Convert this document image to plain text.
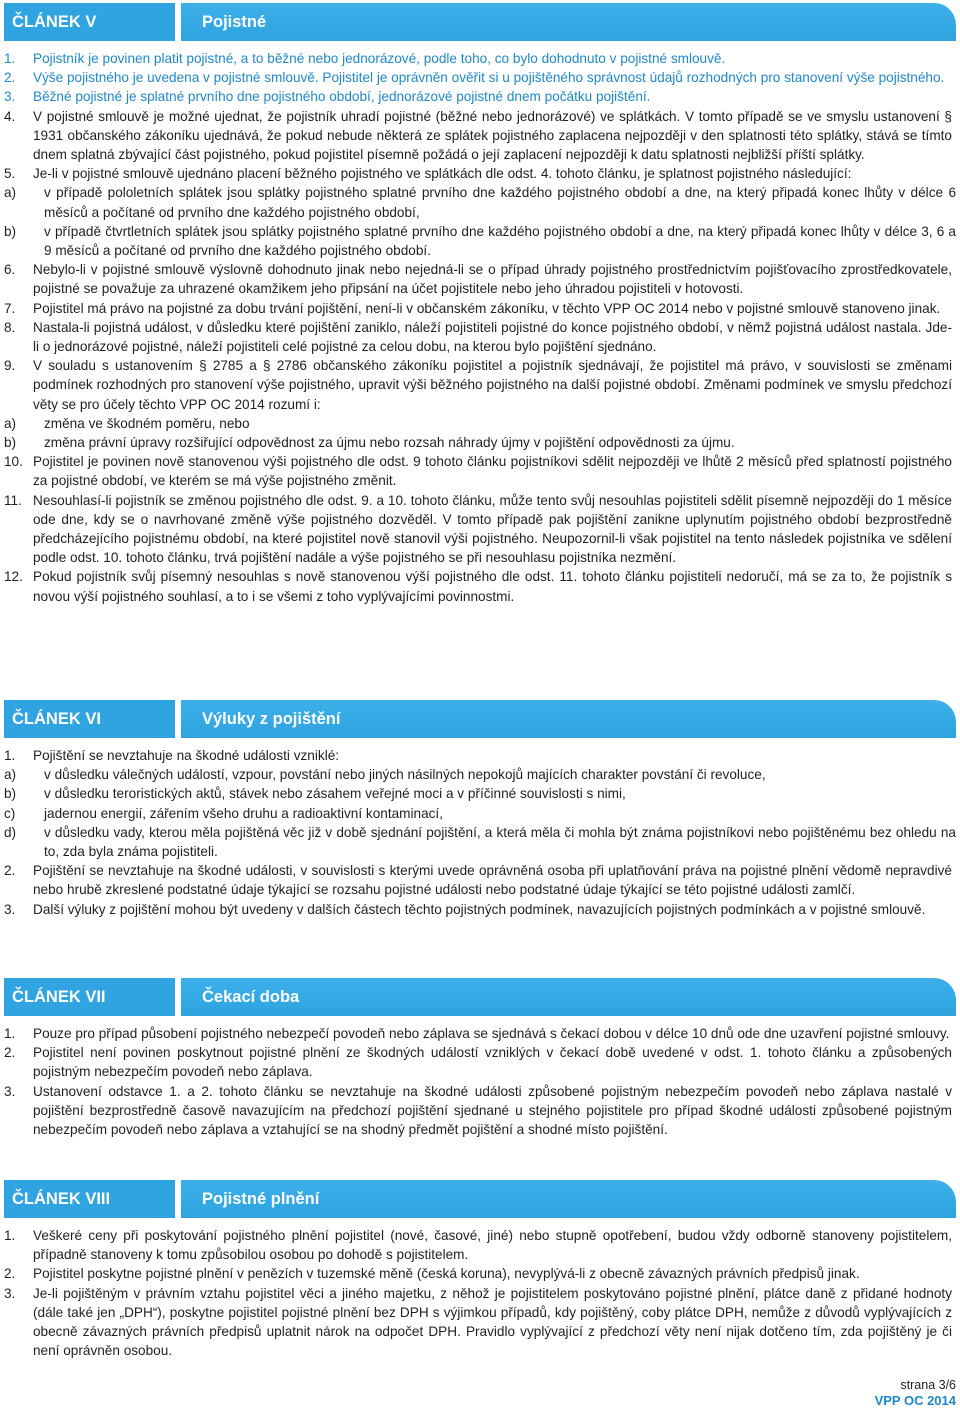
ČLÁNEK V	Pojistné
1.	Pojistník je povinen platit pojistné, a to běžné nebo jednorázové, podle toho, co bylo dohodnuto v pojistné smlouvě.
2.	Výše pojistného je uvedena v pojistné smlouvě. Pojistitel je oprávněn ověřit si u pojištěného správnost údajů rozhodných pro stanovení výše pojistného.
3.	Běžné pojistné je splatné prvního dne pojistného období, jednorázové pojistné dnem počátku pojištění.
4.	V pojistné smlouvě je možné ujednat, že pojistník uhradí pojistné (běžné nebo jednorázové) ve splátkách. V tomto případě se ve smyslu ustanovení § 1931 občanského zákoníku ujednává, že pokud nebude některá ze splátek pojistného zaplacena nejpozději v den splatnosti této splátky, stává se tímto dnem splatná zbývající část pojistného, pokud pojistitel písemně požádá o její zaplacení nejpozději k datu splatnosti nejbližší příští splátky.
5.	Je-li v pojistné smlouvě ujednáno placení běžného pojistného ve splátkách dle odst. 4. tohoto článku, je splatnost pojistného následující:
a)	v případě pololetních splátek jsou splátky pojistného splatné prvního dne každého pojistného období a dne, na který připadá konec lhůty v délce 6 měsíců a počítané od prvního dne každého pojistného období,
b)	v případě čtvrtletních splátek jsou splátky pojistného splatné prvního dne každého pojistného období a dne, na který připadá konec lhůty v délce 3, 6 a 9 měsíců a počítané od prvního dne každého pojistného období.
6.	Nebylo-li v pojistné smlouvě výslovně dohodnuto jinak nebo nejedná-li se o případ úhrady pojistného prostřednictvím pojišťovacího zprostředkovatele, pojistné se považuje za uhrazené okamžikem jeho připsání na účet pojistitele nebo jeho úhradou pojistiteli v hotovosti.
7.	Pojistitel má právo na pojistné za dobu trvání pojištění, není-li v občanském zákoníku, v těchto VPP OC 2014 nebo v pojistné smlouvě stanoveno jinak.
8.	Nastala-li pojistná událost, v důsledku které pojištění zaniklo, náleží pojistiteli pojistné do konce pojistného období, v němž pojistná událost nastala. Jde-li o jednorázové pojistné, náleží pojistiteli celé pojistné za celou dobu, na kterou bylo pojištění sjednáno.
9.	V souladu s ustanovením § 2785 a § 2786 občanského zákoníku pojistitel a pojistník sjednávají, že pojistitel má právo, v souvislosti se změnami podmínek rozhodných pro stanovení výše pojistného, upravit výši běžného pojistného na další pojistné období. Změnami podmínek ve smyslu předchozí věty se pro účely těchto VPP OC 2014 rozumí i:
a)	změna ve škodném poměru, nebo
b)	změna právní úpravy rozšiřující odpovědnost za újmu nebo rozsah náhrady újmy v pojištění odpovědnosti za újmu.
10. Pojistitel je povinen nově stanovenou výši pojistného dle odst. 9 tohoto článku pojistníkovi sdělit nejpozději ve lhůtě 2 měsíců před splatností pojistného za pojistné období, ve kterém se má výše pojistného změnit.
11. Nesouhlasí-li pojistník se změnou pojistného dle odst. 9. a 10. tohoto článku, může tento svůj nesouhlas pojistiteli sdělit písemně nejpozději do 1 měsíce ode dne, kdy se o navrhované změně výše pojistného dozvěděl. V tomto případě pak pojištění zanikne uplynutím pojistného období bezprostředně předcházejícího pojistnému období, na které pojistitel nově stanovil výši pojistného. Neupozornil-li však pojistitel na tento následek pojistníka ve sdělení podle odst. 10. tohoto článku, trvá pojištění nadále a výše pojistného se při nesouhlasu pojistníka nezmění.
12. Pokud pojistník svůj písemný nesouhlas s nově stanovenou výší pojistného dle odst. 11. tohoto článku pojistiteli nedoručí, má se za to, že pojistník s novou výší pojistného souhlasí, a to i se všemi z toho vyplývajícími povinnostmi.
ČLÁNEK VI	Výluky z pojištění
1.	Pojištění se nevztahuje na škodné události vzniklé:
a)	v důsledku válečných událostí, vzpour, povstání nebo jiných násilných nepokojů majících charakter povstání či revoluce,
b)	v důsledku teroristických aktů, stávek nebo zásahem veřejné moci a v příčinné souvislosti s nimi,
c)	jadernou energií, zářením všeho druhu a radioaktivní kontaminací,
d)	v důsledku vady, kterou měla pojištěná věc již v době sjednání pojištění, a která měla či mohla být známa pojistníkovi nebo pojištěnému bez ohledu na to, zda byla známa pojistiteli.
2.	Pojištění se nevztahuje na škodné události, v souvislosti s kterými uvede oprávněná osoba při uplatňování práva na pojistné plnění vědomě nepravdivé nebo hrubě zkreslené podstatné údaje týkající se rozsahu pojistné události nebo podstatné údaje týkající se této pojistné události zamlčí.
3.	Další výluky z pojištění mohou být uvedeny v dalších částech těchto pojistných podmínek, navazujících pojistných podmínkách a v pojistné smlouvě.
ČLÁNEK VII	Čekací doba
1.	Pouze pro případ působení pojistného nebezpečí povodeň nebo záplava se sjednává s čekací dobou v délce 10 dnů ode dne uzavření pojistné smlouvy.
2.	Pojistitel není povinen poskytnout pojistné plnění ze škodných událostí vzniklých v čekací době uvedené v odst. 1. tohoto článku a způsobených pojistným nebezpečím povodeň nebo záplava.
3.	Ustanovení odstavce 1. a 2. tohoto článku se nevztahuje na škodné události způsobené pojistným nebezpečím povodeň nebo záplava nastalé v pojištění bezprostředně časově navazujícím na předchozí pojištění sjednané u stejného pojistitele pro případ škodné události způsobené pojistným nebezpečím povodeň nebo záplava a vztahující se na shodný předmět pojištění a shodné místo pojištění.
ČLÁNEK VIII	Pojistné plnění
1.	Veškeré ceny při poskytování pojistného plnění pojistitel (nové, časové, jiné) nebo stupně opotřebení, budou vždy odborně stanoveny pojistitelem, případně stanoveny k tomu způsobilou osobou po dohodě s pojistitelem.
2.	Pojistitel poskytne pojistné plnění v penězích v tuzemské měně (česká koruna), nevyplývá-li z obecně závazných právních předpisů jinak.
3.	Je-li pojištěným v právním vztahu pojistitel věci a jiného majetku, z něhož je pojistitelem poskytováno pojistné plnění, plátce daně z přidané hodnoty (dále také jen „DPH“), poskytne pojistitel pojistné plnění bez DPH s výjimkou případů, kdy pojištěný, coby plátce DPH, nemůže z důvodů vyplývajících z obecně závazných právních předpisů uplatnit nárok na odpočet DPH. Pravidlo vyplývající z předchozí věty není nijak dotčeno tím, zda pojištěný je či není oprávněn osobou.
strana 3/6
VPP OC 2014
